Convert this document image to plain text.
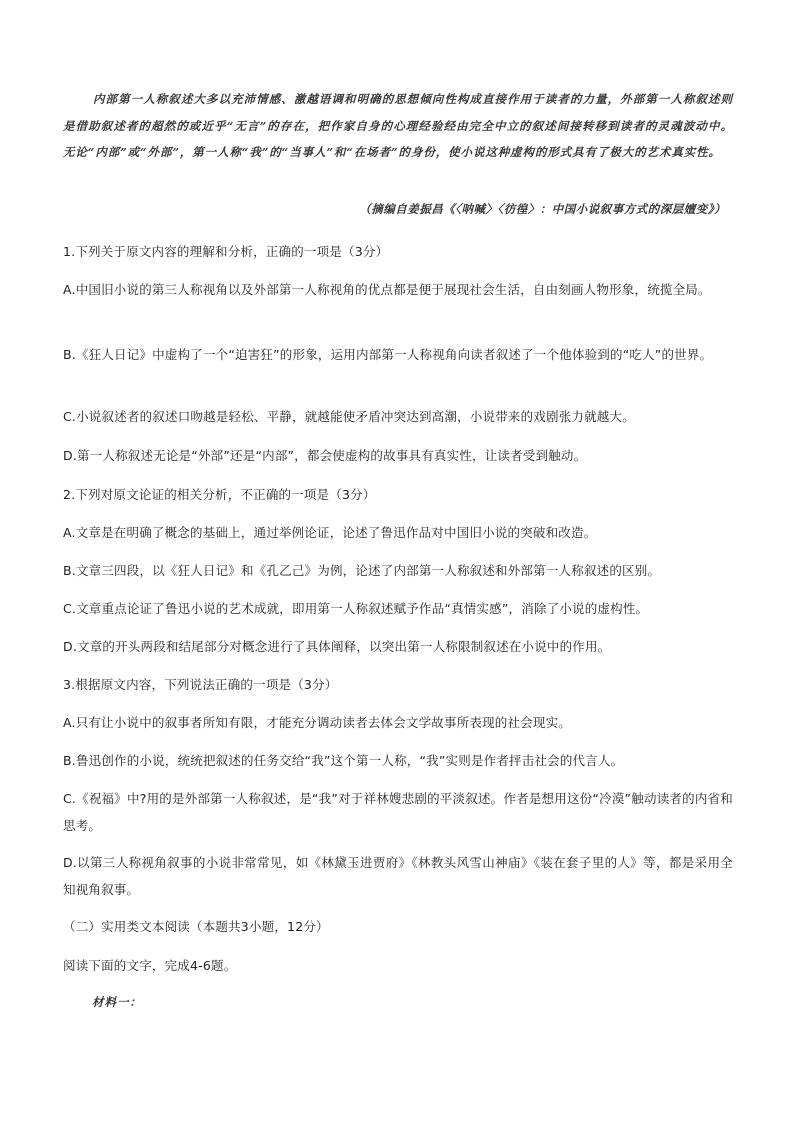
内部第一人称叙述大多以充沛情感、激越语调和明确的思想倾向性构成直接作用于读者的力量，外部第一人称叙述则是借助叙述者的超然的或近乎“无言”的存在，把作家自身的心理经验经由完全中立的叙述间接转移到读者的灵魂波动中。无论“内部”或“外部”，第一人称“我”的“当事人”和“在场者”的身份，使小说这种虚构的形式具有了极大的艺术真实性。
（摘编自姜振昌《〈呐喊〉〈彷徨〉：中国小说叙事方式的深层嬗变》）
1.下列关于原文内容的理解和分析，正确的一项是（3分）
A.中国旧小说的第三人称视角以及外部第一人称视角的优点都是便于展现社会生活，自由刻画人物形象，统揽全局。
B.《狂人日记》中虚构了一个“迫害狂”的形象，运用内部第一人称视角向读者叙述了一个他体验到的“吃人”的世界。
C.小说叙述者的叙述口吻越是轻松、平静，就越能使矛盾冲突达到高潮，小说带来的戏剧张力就越大。
D.第一人称叙述无论是“外部”还是“内部”，都会使虚构的故事具有真实性，让读者受到触动。
2.下列对原文论证的相关分析，不正确的一项是（3分）
A.文章是在明确了概念的基础上，通过举例论证，论述了鲁迅作品对中国旧小说的突破和改造。
B.文章三四段，以《狂人日记》和《孔乙己》为例，论述了内部第一人称叙述和外部第一人称叙述的区别。
C.文章重点论证了鲁迅小说的艺术成就，即用第一人称叙述赋予作品“真情实感”，消除了小说的虚构性。
D.文章的开头两段和结尾部分对概念进行了具体阐释，以突出第一人称限制叙述在小说中的作用。
3.根据原文内容，下列说法正确的一项是（3分）
A.只有让小说中的叙事者所知有限，才能充分调动读者去体会文学故事所表现的社会现实。
B.鲁迅创作的小说，统统把叙述的任务交给“我”这个第一人称，“我”实则是作者抨击社会的代言人。
C.《祝福》中?用的是外部第一人称叙述，是“我”对于祥林嫂悲剧的平淡叙述。作者是想用这份“冷漠”触动读者的内省和思考。
D.以第三人称视角叙事的小说非常常见，如《林黛玉进贾府》《林教头风雪山神庙》《装在套子里的人》等，都是采用全知视角叙事。
（二）实用类文本阅读（本题共3小题，12分）
阅读下面的文字，完成4-6题。
材料一：
